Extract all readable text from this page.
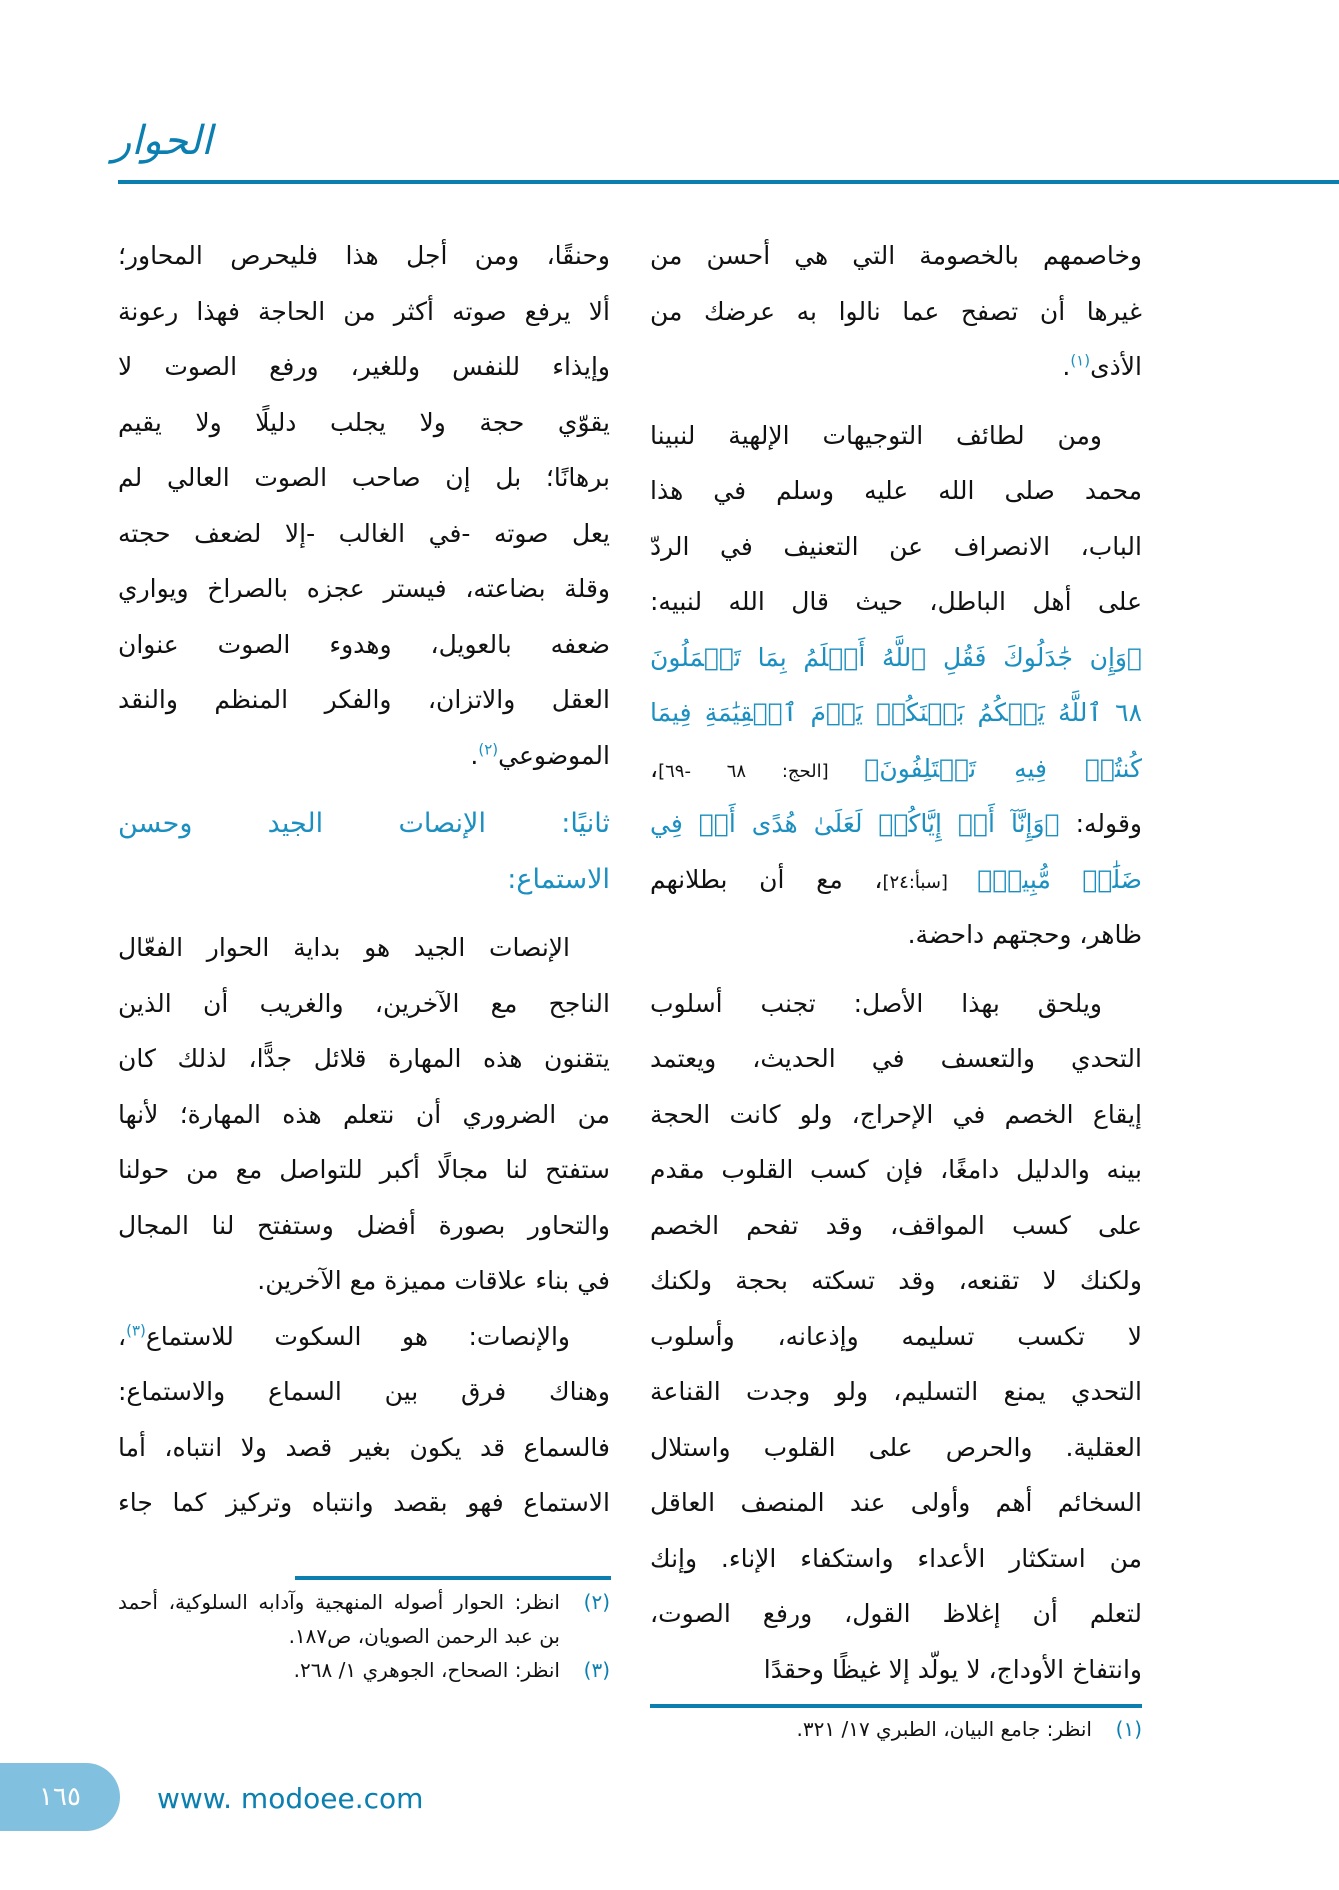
الحوار
وخاصمهم بالخصومة التي هي أحسن من
غيرها أن تصفح عما نالوا به عرضك من
الأذى$^{(١)}$.
ومن لطائف التوجيهات الإلهية لنبينا
محمد صلى الله عليه وسلم في هذا
الباب، الانصراف عن التعنيف في الردّ
على أهل الباطل، حيث قال الله لنبيه:
﴿وَإِن جَٰدَلُوكَ فَقُلِ ٱللَّهُ أَعۡلَمُ بِمَا تَعۡمَلُونَ
٦٨ ٱللَّهُ يَحۡكُمُ بَيۡنَكُمۡ يَوۡمَ ٱلۡقِيَٰمَةِ فِيمَا
كُنتُمۡ فِيهِ تَخۡتَلِفُونَ﴾ [الحج: ٦٨ -٦٩]،
وقوله: ﴿وَإِنَّآ أَوۡ إِيَّاكُمۡ لَعَلَىٰ هُدًى أَوۡ فِي
ضَلَٰلٖ مُّبِينٖ﴾ [سبأ:٢٤]، مع أن بطلانهم
ظاهر، وحجتهم داحضة.
ويلحق بهذا الأصل: تجنب أسلوب
التحدي والتعسف في الحديث، ويعتمد
إيقاع الخصم في الإحراج، ولو كانت الحجة
بينه والدليل دامغًا، فإن كسب القلوب مقدم
على كسب المواقف، وقد تفحم الخصم
ولكنك لا تقنعه، وقد تسكته بحجة ولكنك
لا تكسب تسليمه وإذعانه، وأسلوب
التحدي يمنع التسليم، ولو وجدت القناعة
العقلية. والحرص على القلوب واستلال
السخائم أهم وأولى عند المنصف العاقل
من استكثار الأعداء واستكفاء الإناء. وإنك
لتعلم أن إغلاظ القول، ورفع الصوت،
وانتفاخ الأوداج، لا يولّد إلا غيظًا وحقدًا
وحنقًا، ومن أجل هذا فليحرص المحاور؛
ألا يرفع صوته أكثر من الحاجة فهذا رعونة
وإيذاء للنفس وللغير، ورفع الصوت لا
يقوّي حجة ولا يجلب دليلًا ولا يقيم
برهانًا؛ بل إن صاحب الصوت العالي لم
يعل صوته -في الغالب -إلا لضعف حجته
وقلة بضاعته، فيستر عجزه بالصراخ ويواري
ضعفه بالعويل، وهدوء الصوت عنوان
العقل والاتزان، والفكر المنظم والنقد
الموضوعي$^{(٢)}$.
ثانيًا: الإنصات الجيد وحسن
الاستماع:
الإنصات الجيد هو بداية الحوار الفعّال
الناجح مع الآخرين، والغريب أن الذين
يتقنون هذه المهارة قلائل جدًّا، لذلك كان
من الضروري أن نتعلم هذه المهارة؛ لأنها
ستفتح لنا مجالًا أكبر للتواصل مع من حولنا
والتحاور بصورة أفضل وستفتح لنا المجال
في بناء علاقات مميزة مع الآخرين.
والإنصات: هو السكوت للاستماع$^{(٣)}$،
وهناك فرق بين السماع والاستماع:
فالسماع قد يكون بغير قصد ولا انتباه، أما
الاستماع فهو بقصد وانتباه وتركيز كما جاء
(١)
انظر: جامع البيان، الطبري ١٧/ ٣٢١.
(٢)
انظر: الحوار أصوله المنهجية وآدابه السلوكية، أحمد بن عبد الرحمن الصويان، ص١٨٧.
(٣)
انظر: الصحاح، الجوهري ١/ ٢٦٨.
١٦٥	www. modoee.com
